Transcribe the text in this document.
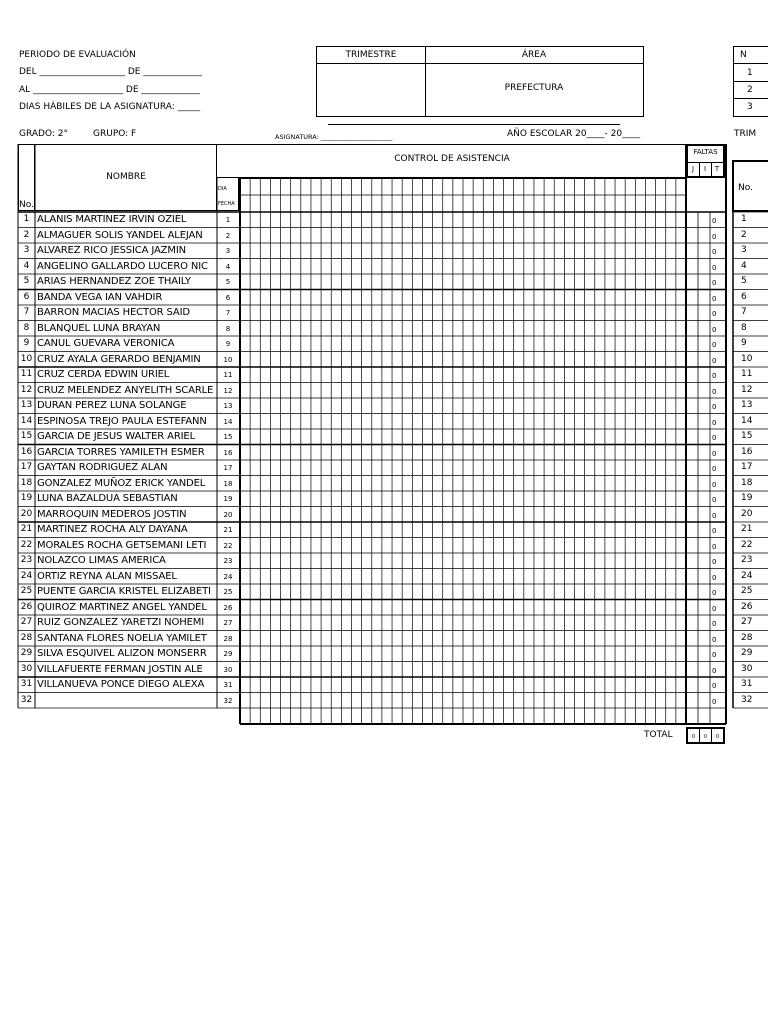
PERIODO DE EVALUACIÓN
DEL ___________________ DE _____________
AL ____________________ DE _____________
DIAS HÁBILES DE LA ASIGNATURA: _____
GRADO: 2°	GRUPO: F	ASIGNATURA: ______________________	AÑO ESCOLAR 20____- 20____
TRIMESTRE	ÁREA
PREFECTURA
N
1
2
3
TRIM
No.
No.
NOMBRE
DIA
FECHA
CONTROL DE ASISTENCIA
FALTAS
J	I	T
1 ALANIS MARTINEZ IRVIN OZIEL	1	0	1
2 ALMAGUER SOLIS YANDEL ALEJAN	2	0	2
3 ALVAREZ RICO JESSICA JAZMIN	3	0	3
4 ANGELINO GALLARDO LUCERO NIC	4	0	4
5 ARIAS HERNANDEZ ZOE THAILY	5	0	5
6 BANDA VEGA IAN VAHDIR	6	0	6
7 BARRON MACIAS HECTOR SAID	7	0	7
8 BLANQUEL LUNA BRAYAN	8	0	8
9 CANUL GUEVARA VERONICA	9	0	9
10 CRUZ AYALA GERARDO BENJAMIN	10	0	10
11 CRUZ CERDA EDWIN URIEL	11	0	11
12 CRUZ MELENDEZ ANYELITH SCARLE	12	0	12
13 DURAN PEREZ LUNA SOLANGE	13	0	13
14 ESPINOSA TREJO PAULA ESTEFANN	14	0	14
15 GARCIA DE JESUS WALTER ARIEL	15	0	15
16 GARCIA TORRES YAMILETH ESMER	16	0	16
17 GAYTAN RODRIGUEZ ALAN	17	0	17
18 GONZALEZ MUÑOZ ERICK YANDEL	18	0	18
19 LUNA BAZALDUA SEBASTIAN	19	0	19
20 MARROQUIN MEDEROS JOSTIN	20	0	20
21 MARTINEZ ROCHA ALY DAYANA	21	0	21
22 MORALES ROCHA GETSEMANI LETI	22	0	22
23 NOLAZCO LIMAS AMERICA	23	0	23
24 ORTIZ REYNA ALAN MISSAEL	24	0	24
25 PUENTE GARCIA KRISTEL ELIZABETI	25	0	25
26 QUIROZ MARTINEZ ANGEL YANDEL	26	0	26
27 RUIZ GONZALEZ YARETZI NOHEMI	27	0	27
28 SANTANA FLORES NOELIA YAMILET	28	0	28
29 SILVA ESQUIVEL ALIZON MONSERR	29	0	29
30 VILLAFUERTE FERMAN JOSTIN ALE	30	0	30
31 VILLANUEVA PONCE DIEGO ALEXA	31	0	31
32	32	0	32
TOTAL	0	0	0
